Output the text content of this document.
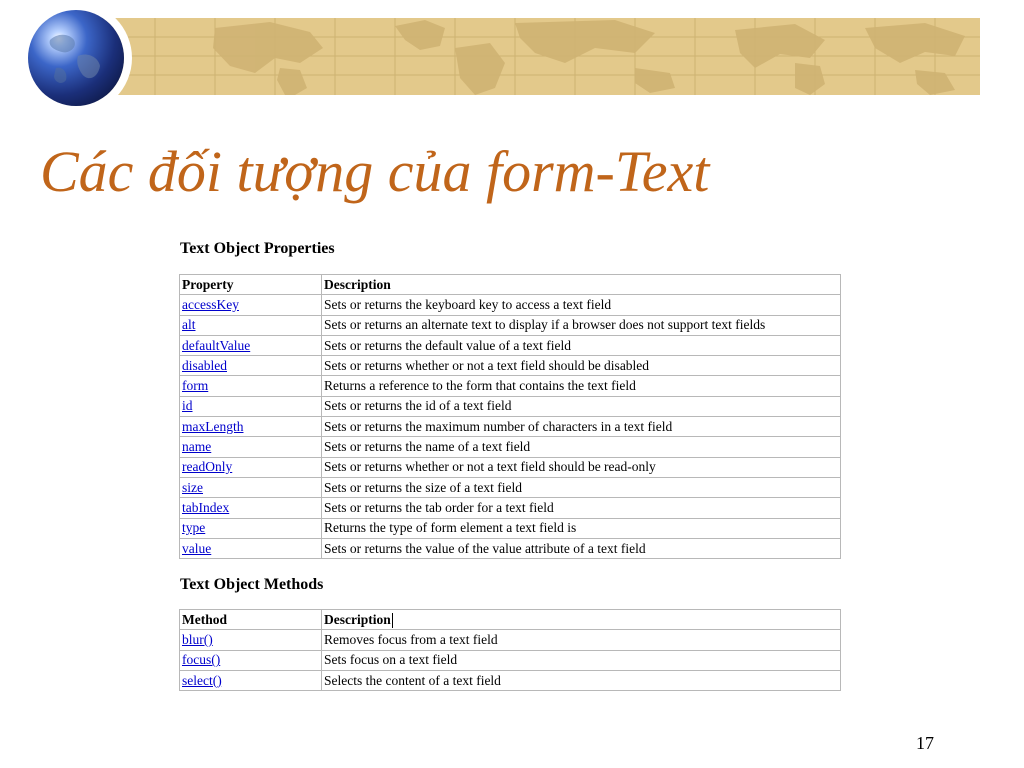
Các đối tượng của form-Text
Text Object Properties
Property	Description
accessKey	Sets or returns the keyboard key to access a text field
alt	Sets or returns an alternate text to display if a browser does not support text fields
defaultValue	Sets or returns the default value of a text field
disabled	Sets or returns whether or not a text field should be disabled
form	Returns a reference to the form that contains the text field
id	Sets or returns the id of a text field
maxLength	Sets or returns the maximum number of characters in a text field
name	Sets or returns the name of a text field
readOnly	Sets or returns whether or not a text field should be read-only
size	Sets or returns the size of a text field
tabIndex	Sets or returns the tab order for a text field
type	Returns the type of form element a text field is
value	Sets or returns the value of the value attribute of a text field
Text Object Methods
Method	Description
blur()	Removes focus from a text field
focus()	Sets focus on a text field
select()	Selects the content of a text field
17
